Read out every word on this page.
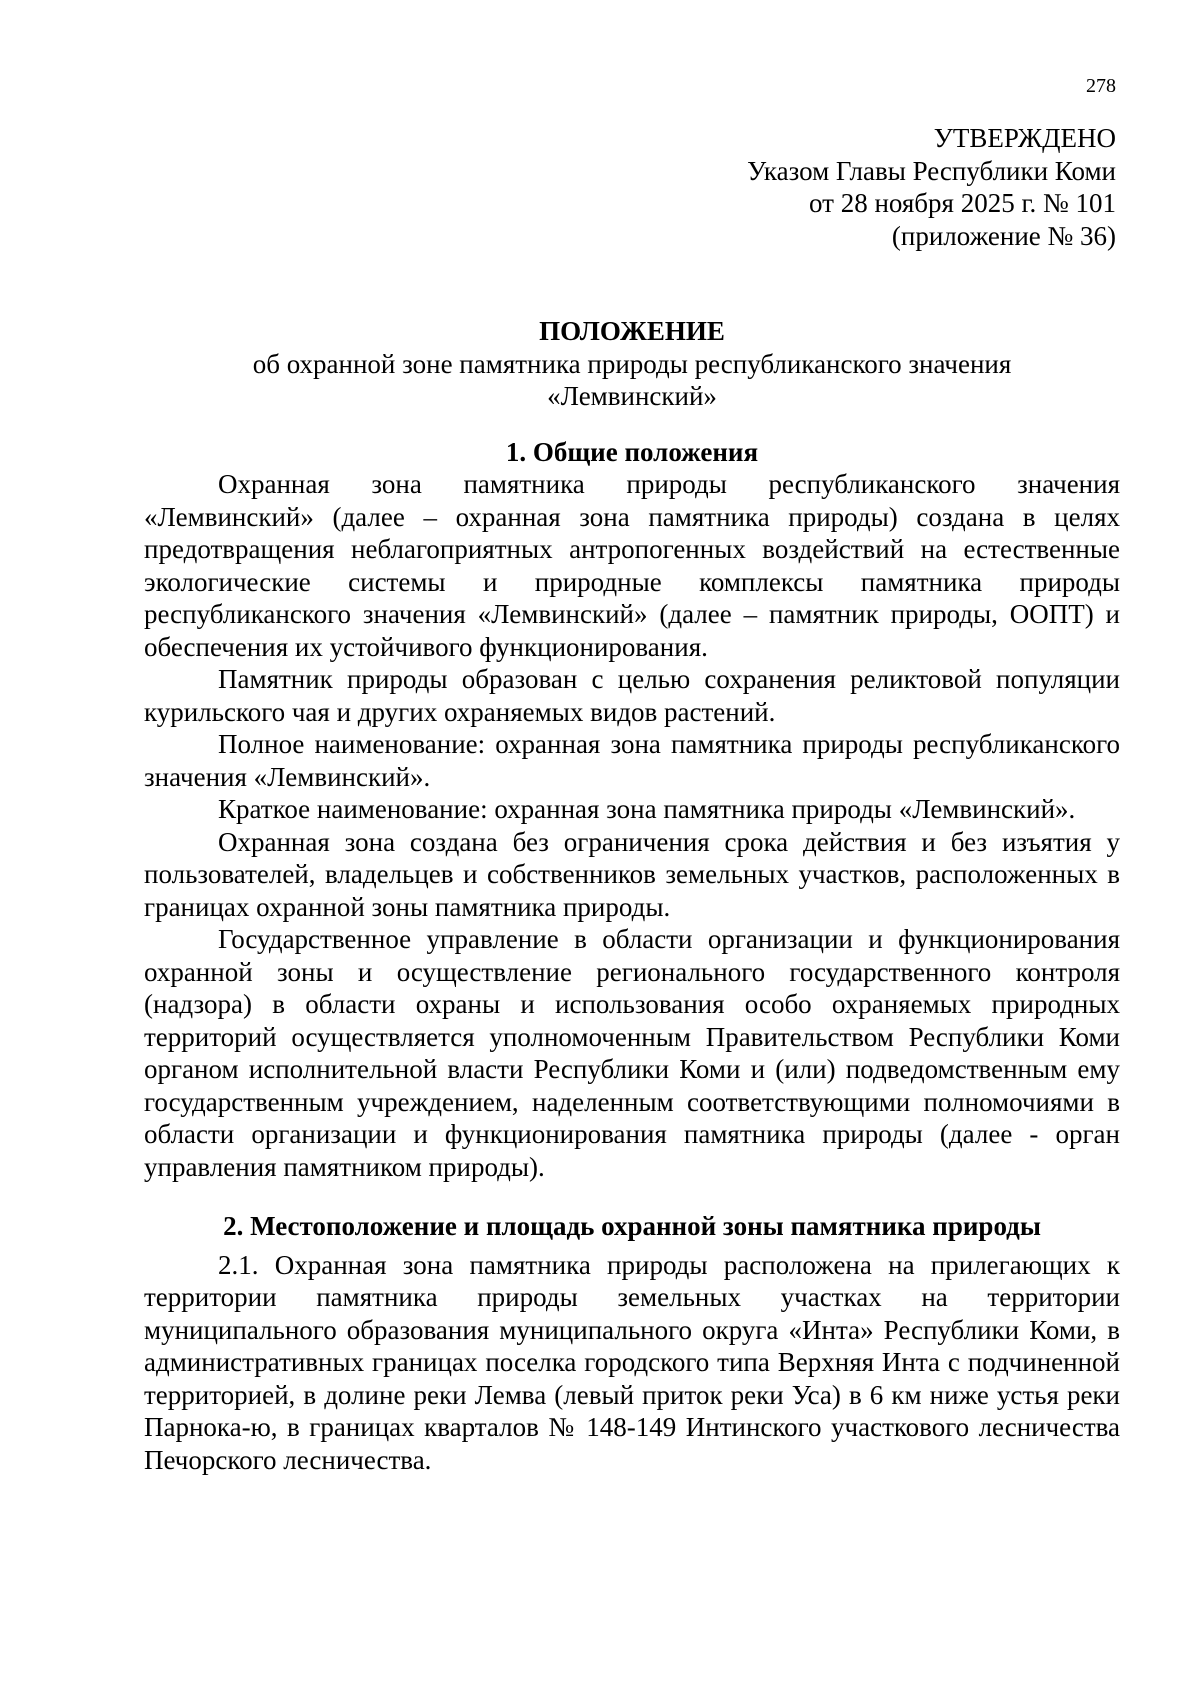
278
УТВЕРЖДЕНО
Указом Главы Республики Коми
от 28 ноября 2025 г. № 101
(приложение № 36)

ПОЛОЖЕНИЕ

об охранной зоне памятника природы республиканского значения

«Лемвинский»

1. Общие положения

Охранная зона памятника природы республиканского значения «Лемвинский» (далее – охранная зона памятника природы) создана в целях предотвращения неблагоприятных антропогенных воздействий на естественные экологические системы и природные комплексы памятника природы республиканского значения «Лемвинский» (далее – памятник природы, ООПТ) и обеспечения их устойчивого функционирования.

Памятник природы образован с целью сохранения реликтовой популяции курильского чая и других охраняемых видов растений.

Полное наименование: охранная зона памятника природы республиканского значения «Лемвинский».

Краткое наименование: охранная зона памятника природы «Лемвинский».

Охранная зона создана без ограничения срока действия и без изъятия у пользователей, владельцев и собственников земельных участков, расположенных в границах охранной зоны памятника природы.

Государственное управление в области организации и функционирования охранной зоны и осуществление регионального государственного контроля (надзора) в области охраны и использования особо охраняемых природных территорий осуществляется уполномоченным Правительством Республики Коми органом исполнительной власти Республики Коми и (или) подведомственным ему государственным учреждением, наделенным соответствующими полномочиями в области организации и функционирования памятника природы (далее - орган управления памятником природы).

2. Местоположение и площадь охранной зоны памятника природы

2.1. Охранная зона памятника природы расположена на прилегающих к территории памятника природы земельных участках на территории муниципального образования муниципального округа «Инта» Республики Коми, в административных границах поселка городского типа Верхняя Инта с подчиненной территорией, в долине реки Лемва (левый приток реки Уса) в 6 км ниже устья реки Парнока-ю, в границах кварталов № 148-149 Интинского участкового лесничества Печорского лесничества.
